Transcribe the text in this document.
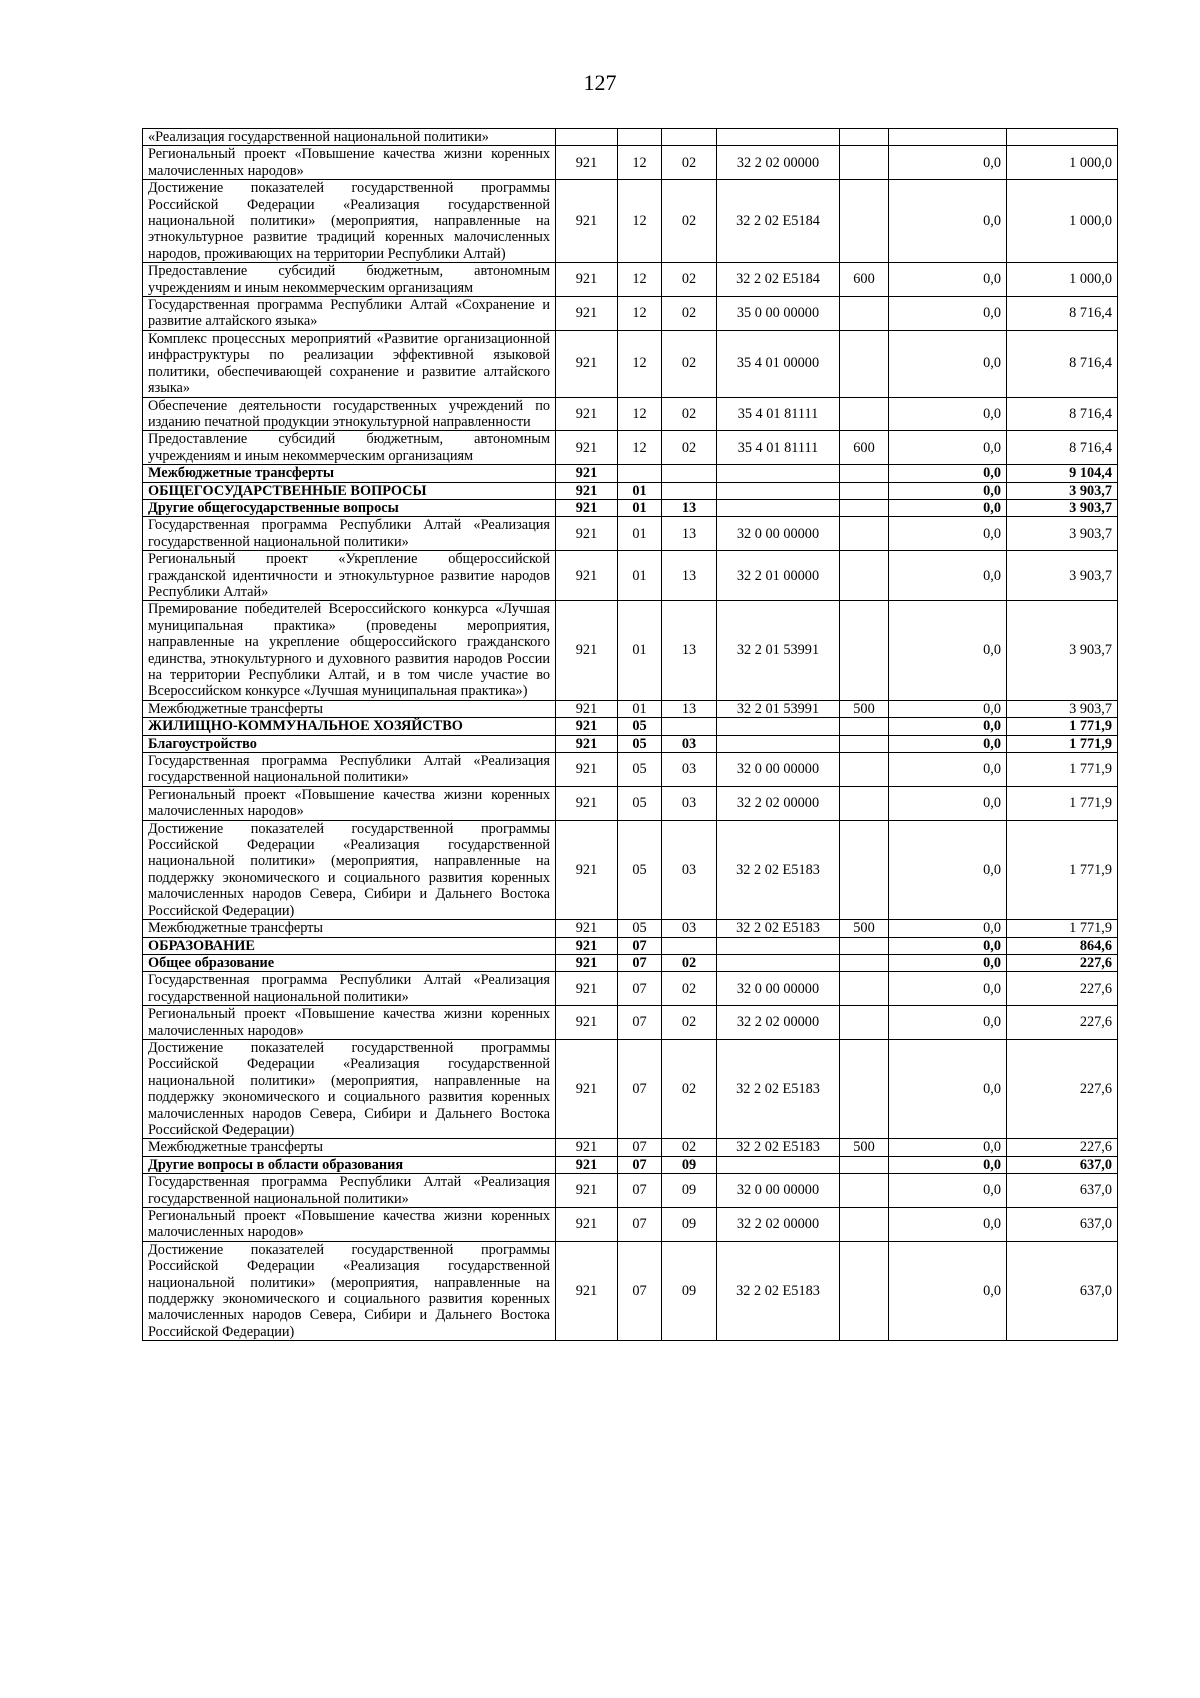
127
«Реализация государственной национальной политики»							
Региональный проект «Повышение качества жизни коренных малочисленных народов»	921	12	02	32 2 02 00000		0,0	1 000,0
Достижение показателей государственной программы Российской Федерации «Реализация государственной национальной политики» (мероприятия, направленные на этнокультурное развитие традиций коренных малочисленных народов, проживающих на территории Республики Алтай)	921	12	02	32 2 02 E5184		0,0	1 000,0
Предоставление субсидий бюджетным, автономным учреждениям и иным некоммерческим организациям	921	12	02	32 2 02 E5184	600	0,0	1 000,0
Государственная программа Республики Алтай «Сохранение и развитие алтайского языка»	921	12	02	35 0 00 00000		0,0	8 716,4
Комплекс процессных мероприятий «Развитие организационной инфраструктуры по реализации эффективной языковой политики, обеспечивающей сохранение и развитие алтайского языка»	921	12	02	35 4 01 00000		0,0	8 716,4
Обеспечение деятельности государственных учреждений по изданию печатной продукции этнокультурной направленности	921	12	02	35 4 01 81111		0,0	8 716,4
Предоставление субсидий бюджетным, автономным учреждениям и иным некоммерческим организациям	921	12	02	35 4 01 81111	600	0,0	8 716,4
Межбюджетные трансферты	921					0,0	9 104,4
ОБЩЕГОСУДАРСТВЕННЫЕ ВОПРОСЫ	921	01				0,0	3 903,7
Другие общегосударственные вопросы	921	01	13			0,0	3 903,7
Государственная программа Республики Алтай «Реализация государственной национальной политики»	921	01	13	32 0 00 00000		0,0	3 903,7
Региональный проект «Укрепление общероссийской гражданской идентичности и этнокультурное развитие народов Республики Алтай»	921	01	13	32 2 01 00000		0,0	3 903,7
Премирование победителей Всероссийского конкурса «Лучшая муниципальная практика» (проведены мероприятия, направленные на укрепление общероссийского гражданского единства, этнокультурного и духовного развития народов России на территории Республики Алтай, и в том числе участие во Всероссийском конкурсе «Лучшая муниципальная практика»)	921	01	13	32 2 01 53991		0,0	3 903,7
Межбюджетные трансферты	921	01	13	32 2 01 53991	500	0,0	3 903,7
ЖИЛИЩНО-КОММУНАЛЬНОЕ ХОЗЯЙСТВО	921	05				0,0	1 771,9
Благоустройство	921	05	03			0,0	1 771,9
Государственная программа Республики Алтай «Реализация государственной национальной политики»	921	05	03	32 0 00 00000		0,0	1 771,9
Региональный проект «Повышение качества жизни коренных малочисленных народов»	921	05	03	32 2 02 00000		0,0	1 771,9
Достижение показателей государственной программы Российской Федерации «Реализация государственной национальной политики» (мероприятия, направленные на поддержку экономического и социального развития коренных малочисленных народов Севера, Сибири и Дальнего Востока Российской Федерации)	921	05	03	32 2 02 E5183		0,0	1 771,9
Межбюджетные трансферты	921	05	03	32 2 02 E5183	500	0,0	1 771,9
ОБРАЗОВАНИЕ	921	07				0,0	864,6
Общее образование	921	07	02			0,0	227,6
Государственная программа Республики Алтай «Реализация государственной национальной политики»	921	07	02	32 0 00 00000		0,0	227,6
Региональный проект «Повышение качества жизни коренных малочисленных народов»	921	07	02	32 2 02 00000		0,0	227,6
Достижение показателей государственной программы Российской Федерации «Реализация государственной национальной политики» (мероприятия, направленные на поддержку экономического и социального развития коренных малочисленных народов Севера, Сибири и Дальнего Востока Российской Федерации)	921	07	02	32 2 02 E5183		0,0	227,6
Межбюджетные трансферты	921	07	02	32 2 02 E5183	500	0,0	227,6
Другие вопросы в области образования	921	07	09			0,0	637,0
Государственная программа Республики Алтай «Реализация государственной национальной политики»	921	07	09	32 0 00 00000		0,0	637,0
Региональный проект «Повышение качества жизни коренных малочисленных народов»	921	07	09	32 2 02 00000		0,0	637,0
Достижение показателей государственной программы Российской Федерации «Реализация государственной национальной политики» (мероприятия, направленные на поддержку экономического и социального развития коренных малочисленных народов Севера, Сибири и Дальнего Востока Российской Федерации)	921	07	09	32 2 02 E5183		0,0	637,0
